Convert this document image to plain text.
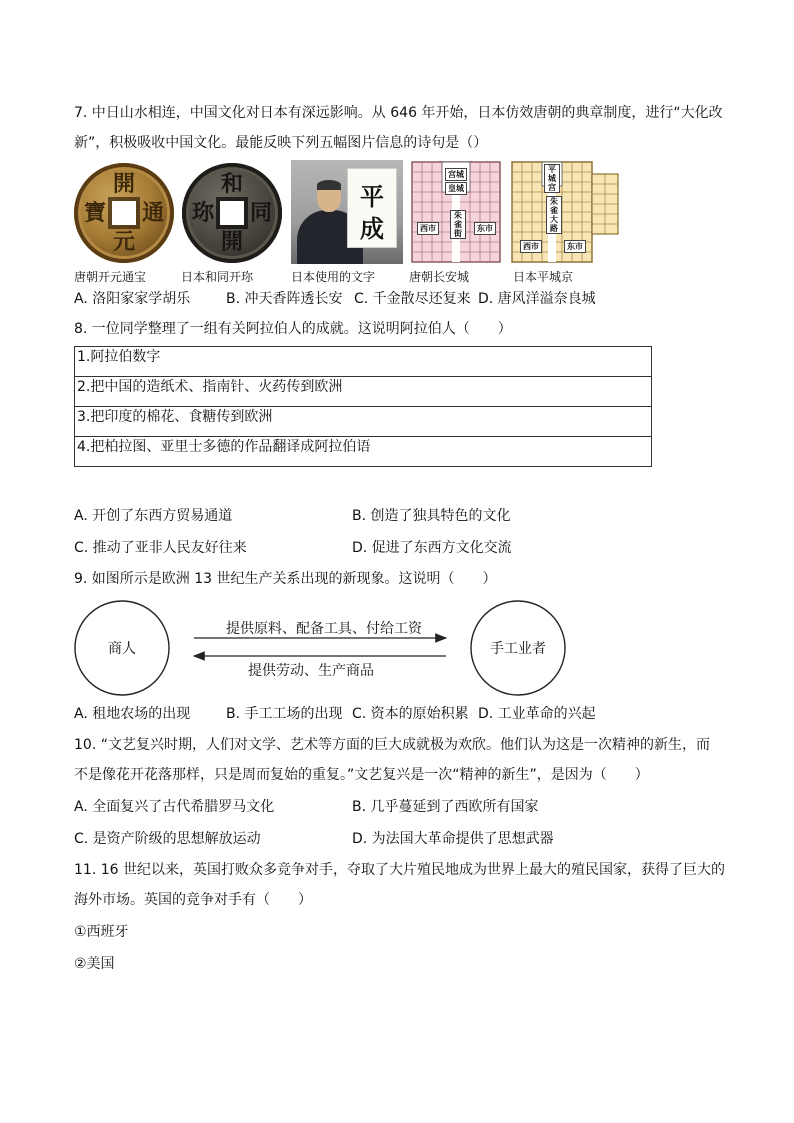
7. 中日山水相连，中国文化对日本有深远影响。从 646 年开始，日本仿效唐朝的典章制度，进行“大化改
新”，积极吸收中国文化。最能反映下列五幅图片信息的诗句是（）
開
通
元
寶
和
同
開
珎
平
成
宫城
皇城
西市	东市
朱雀街
平城宫
西市	东市
朱雀大路
唐朝开元通宝	日本和同开珎	日本使用的文字	唐朝长安城	日本平城京
A. 洛阳家家学胡乐	B. 冲天香阵透长安 C. 千金散尽还复来 D. 唐风洋溢奈良城
8. 一位同学整理了一组有关阿拉伯人的成就。这说明阿拉伯人（　　）
1.阿拉伯数字
2.把中国的造纸术、指南针、火药传到欧洲
3.把印度的棉花、食糖传到欧洲
4.把柏拉图、亚里士多德的作品翻译成阿拉伯语
A. 开创了东西方贸易通道	B. 创造了独具特色的文化
C. 推动了亚非人民友好往来	D. 促进了东西方文化交流
9. 如图所示是欧洲 13 世纪生产关系出现的新现象。这说明（　　）
商人	手工业者
提供原料、配备工具、付给工资
提供劳动、生产商品
A. 租地农场的出现	B. 手工工场的出现 C. 资本的原始积累 D. 工业革命的兴起
10. “文艺复兴时期，人们对文学、艺术等方面的巨大成就极为欢欣。他们认为这是一次精神的新生，而
不是像花开花落那样，只是周而复始的重复。”文艺复兴是一次“精神的新生”，是因为（　　）
A. 全面复兴了古代希腊罗马文化	B. 几乎蔓延到了西欧所有国家
C. 是资产阶级的思想解放运动	D. 为法国大革命提供了思想武器
11. 16 世纪以来，英国打败众多竞争对手，夺取了大片殖民地成为世界上最大的殖民国家，获得了巨大的
海外市场。英国的竞争对手有（　　）
①西班牙
②美国
